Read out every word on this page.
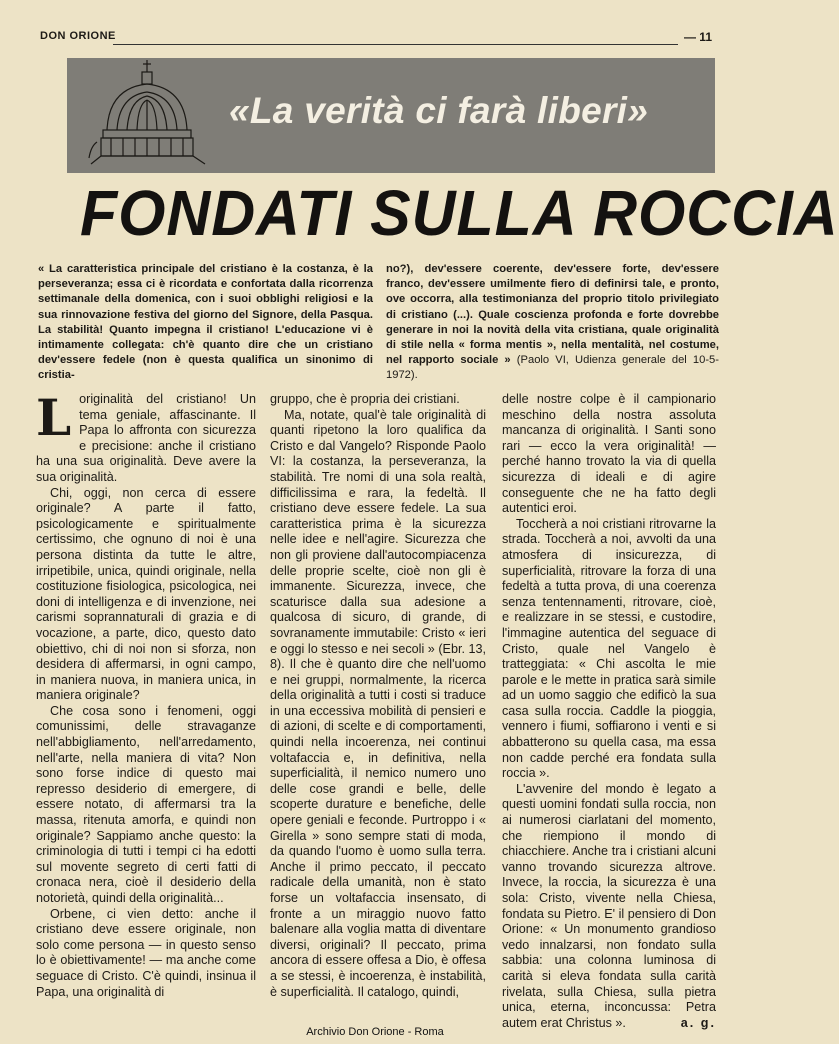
DON ORIONE	— 11
«La verità ci farà liberi»
FONDATI SULLA ROCCIA
« La caratteristica principale del cristiano è la costanza, è la perseveranza; essa ci è ricordata e confortata dalla ricorrenza settimanale della domenica, con i suoi obblighi religiosi e la sua rinnovazione festiva del giorno del Signore, della Pasqua. La stabilità! Quanto impegna il cristiano! L'educazione vi è intimamente collegata: ch'è quanto dire che un cristiano dev'essere fedele (non è questa qualifica un sinonimo di cristia-
no?), dev'essere coerente, dev'essere forte, dev'essere franco, dev'essere umilmente fiero di definirsi tale, e pronto, ove occorra, alla testimonianza del proprio titolo privilegiato di cristiano (...). Quale coscienza profonda e forte dovrebbe generare in noi la novità della vita cristiana, quale originalità di stile nella « forma mentis », nella mentalità, nel costume, nel rapporto sociale » (Paolo VI, Udienza generale del 10-5-1972).
L originalità del cristiano! Un tema geniale, affascinante. Il Papa lo affronta con sicurezza e precisione: anche il cristiano ha una sua originalità. Deve avere la sua originalità.

Chi, oggi, non cerca di essere originale? A parte il fatto, psicologicamente e spiritualmente certissimo, che ognuno di noi è una persona distinta da tutte le altre, irripetibile, unica, quindi originale, nella costituzione fisiologica, psicologica, nei doni di intelligenza e di invenzione, nei carismi soprannaturali di grazia e di vocazione, a parte, dico, questo dato obiettivo, chi di noi non si sforza, non desidera di affermarsi, in ogni campo, in maniera nuova, in maniera unica, in maniera originale?

Che cosa sono i fenomeni, oggi comunissimi, delle stravaganze nell'abbigliamento, nell'arredamento, nell'arte, nella maniera di vita? Non sono forse indice di questo mai represso desiderio di emergere, di essere notato, di affermarsi tra la massa, ritenuta amorfa, e quindi non originale? Sappiamo anche questo: la criminologia di tutti i tempi ci ha edotti sul movente segreto di certi fatti di cronaca nera, cioè il desiderio della notorietà, quindi della originalità...

Orbene, ci vien detto: anche il cristiano deve essere originale, non solo come persona — in questo senso lo è obiettivamente! — ma anche come seguace di Cristo. C'è quindi, insinua il Papa, una originalità di

gruppo, che è propria dei cristiani.

Ma, notate, qual'è tale originalità di quanti ripetono la loro qualifica da Cristo e dal Vangelo? Risponde Paolo VI: la costanza, la perseveranza, la stabilità. Tre nomi di una sola realtà, difficilissima e rara, la fedeltà. Il cristiano deve essere fedele. La sua caratteristica prima è la sicurezza nelle idee e nell'agire. Sicurezza che non gli proviene dall'autocompiacenza delle proprie scelte, cioè non gli è immanente. Sicurezza, invece, che scaturisce dalla sua adesione a qualcosa di sicuro, di grande, di sovranamente immutabile: Cristo « ieri e oggi lo stesso e nei secoli » (Ebr. 13, 8). Il che è quanto dire che nell'uomo e nei gruppi, normalmente, la ricerca della originalità a tutti i costi si traduce in una eccessiva mobilità di pensieri e di azioni, di scelte e di comportamenti, quindi nella incoerenza, nei continui voltafaccia e, in definitiva, nella superficialità, il nemico numero uno delle cose grandi e belle, delle scoperte durature e benefiche, delle opere geniali e feconde. Purtroppo i « Girella » sono sempre stati di moda, da quando l'uomo è uomo sulla terra. Anche il primo peccato, il peccato radicale della umanità, non è stato forse un voltafaccia insensato, di fronte a un miraggio nuovo fatto balenare alla voglia matta di diventare diversi, originali? Il peccato, prima ancora di essere offesa a Dio, è offesa a se stessi, è incoerenza, è instabilità, è superficialità. Il catalogo, quindi,

delle nostre colpe è il campionario meschino della nostra assoluta mancanza di originalità. I Santi sono rari — ecco la vera originalità! — perché hanno trovato la via di quella sicurezza di ideali e di agire conseguente che ne ha fatto degli autentici eroi.

Toccherà a noi cristiani ritrovarne la strada. Toccherà a noi, avvolti da una atmosfera di insicurezza, di superficialità, ritrovare la forza di una fedeltà a tutta prova, di una coerenza senza tentennamenti, ritrovare, cioè, e realizzare in se stessi, e custodire, l'immagine autentica del seguace di Cristo, quale nel Vangelo è tratteggiata: « Chi ascolta le mie parole e le mette in pratica sarà simile ad un uomo saggio che edificò la sua casa sulla roccia. Caddle la pioggia, vennero i fiumi, soffiarono i venti e si abbatterono su quella casa, ma essa non cadde perché era fondata sulla roccia ».

L'avvenire del mondo è legato a questi uomini fondati sulla roccia, non ai numerosi ciarlatani del momento, che riempiono il mondo di chiacchiere. Anche tra i cristiani alcuni vanno trovando sicurezza altrove. Invece, la roccia, la sicurezza è una sola: Cristo, vivente nella Chiesa, fondata su Pietro. E' il pensiero di Don Orione: « Un monumento grandioso vedo innalzarsi, non fondato sulla sabbia: una colonna luminosa di carità si eleva fondata sulla carità rivelata, sulla Chiesa, sulla pietra unica, eterna, inconcussa: Petra autem erat Christus ».	a. g.

Archivio Don Orione - Roma
